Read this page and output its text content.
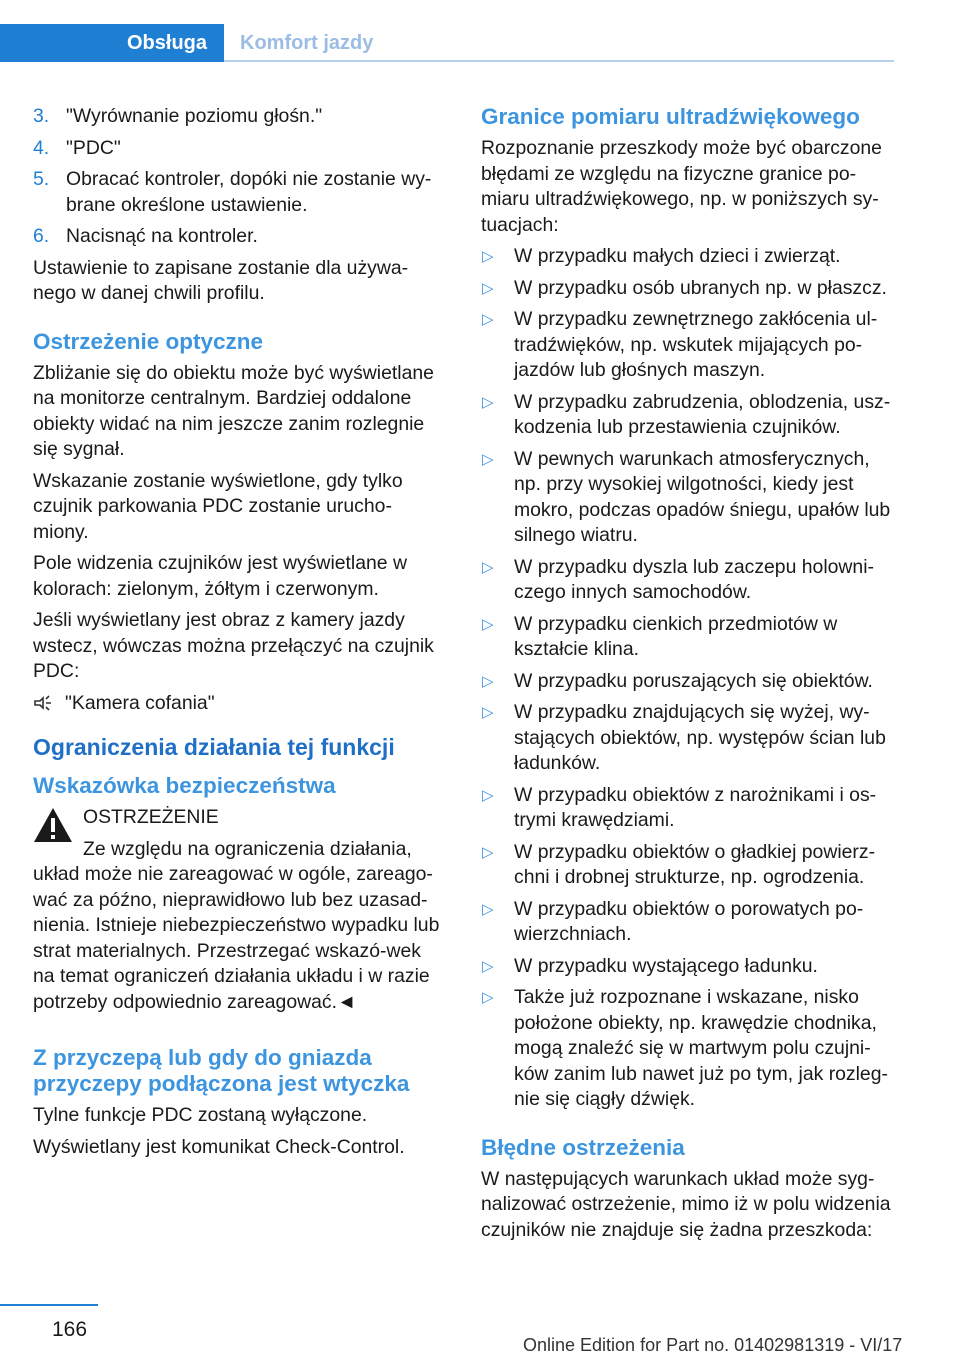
Obsługa	Komfort jazdy
3. "Wyrównanie poziomu głośn."
4. "PDC"
5. Obracać kontroler, dopóki nie zostanie wy-brane określone ustawienie.
6. Nacisnąć na kontroler.

Ustawienie to zapisane zostanie dla używa-nego w danej chwili profilu.

Ostrzeżenie optyczne

Zbliżanie się do obiektu może być wyświetlane na monitorze centralnym. Bardziej oddalone obiekty widać na nim jeszcze zanim rozlegnie się sygnał.

Wskazanie zostanie wyświetlone, gdy tylko czujnik parkowania PDC zostanie urucho-miony.

Pole widzenia czujników jest wyświetlane w kolorach: zielonym, żółtym i czerwonym.

Jeśli wyświetlany jest obraz z kamery jazdy wstecz, wówczas można przełączyć na czujnik PDC:

"Kamera cofania"
Ograniczenia działania tej funkcji
Wskazówka bezpieczeństwa
OSTRZEŻENIE
Ze względu na ograniczenia działania,
układ może nie zareagować w ogóle, zareago-wać za późno, nieprawidłowo lub bez uzasad-nienia. Istnieje niebezpieczeństwo wypadku lub strat materialnych. Przestrzegać wskazó-wek na temat ograniczeń działania układu i w razie potrzeby odpowiednio zareagować.◄
Z przyczepą lub gdy do gniazda przyczepy podłączona jest wtyczka

Tylne funkcje PDC zostaną wyłączone.

Wyświetlany jest komunikat Check-Control.

Granice pomiaru ultradźwiękowego

Rozpoznanie przeszkody może być obarczone błędami ze względu na fizyczne granice po-miaru ultradźwiękowego, np. w poniższych sy-tuacjach:

▷ W przypadku małych dzieci i zwierząt.
▷ W przypadku osób ubranych np. w płaszcz.
▷ W przypadku zewnętrznego zakłócenia ul-tradźwięków, np. wskutek mijających po-jazdów lub głośnych maszyn.
▷ W przypadku zabrudzenia, oblodzenia, usz-kodzenia lub przestawienia czujników.
▷ W pewnych warunkach atmosferycznych, np. przy wysokiej wilgotności, kiedy jest mokro, podczas opadów śniegu, upałów lub silnego wiatru.
▷ W przypadku dyszla lub zaczepu holowni-czego innych samochodów.
▷ W przypadku cienkich przedmiotów w kształcie klina.
▷ W przypadku poruszających się obiektów.
▷ W przypadku znajdujących się wyżej, wy-stających obiektów, np. występów ścian lub ładunków.
▷ W przypadku obiektów z narożnikami i os-trymi krawędziami.
▷ W przypadku obiektów o gładkiej powierz-chni i drobnej strukturze, np. ogrodzenia.
▷ W przypadku obiektów o porowatych po-wierzchniach.
▷ W przypadku wystającego ładunku.
▷ Także już rozpoznane i wskazane, nisko położone obiekty, np. krawędzie chodnika, mogą znaleźć się w martwym polu czujni-ków zanim lub nawet już po tym, jak rozleg-nie się ciągły dźwięk.
Błędne ostrzeżenia

W następujących warunkach układ może syg-nalizować ostrzeżenie, mimo iż w polu widzenia czujników nie znajduje się żadna przeszkoda:

166
Online Edition for Part no. 01402981319 - VI/17
